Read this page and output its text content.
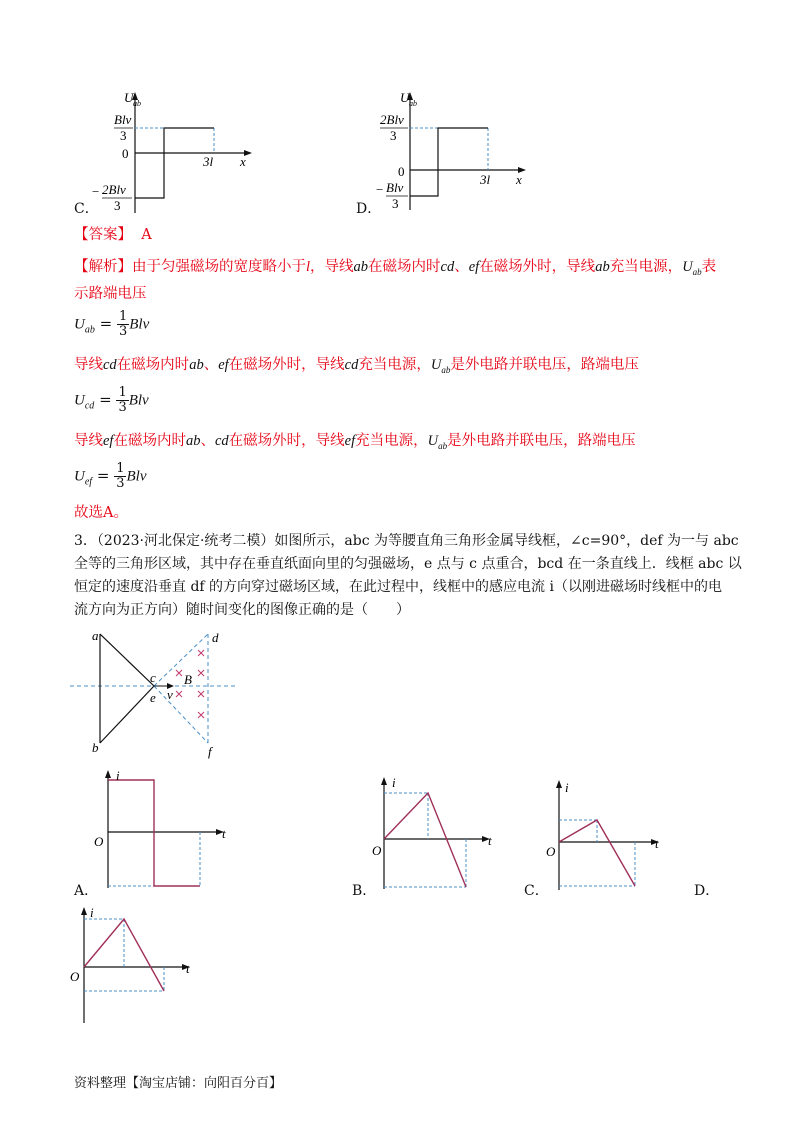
C．
U ab
x
Blv
3
0
3l
− 2Blv
3	D．
U ab
x
2Blv
3
0
3l
− Blv
3
【答案】 A
【解析】由于匀强磁场的宽度略小于l，导线ab在磁场内时cd、ef在磁场外时，导线ab充当电源，$U_{ab}$表
示路端电压
$U_{ab} = \frac{1}{3}$ Blv
导线cd在磁场内时ab、ef在磁场外时，导线cd充当电源，$U_{ab}$是外电路并联电压，路端电压
$U_{cd} = \frac{1}{3}$ Blv
导线ef在磁场内时ab、cd在磁场外时，导线ef充当电源，$U_{ab}$是外电路并联电压，路端电压
$U_{ef} = \frac{1}{3}$ Blv
故选A。
3．（2023·河北保定·统考二模）如图所示，abc 为等腰直角三角形金属导线框，∠c=90°，def 为一与 abc
全等的三角形区域，其中存在垂直纸面向里的匀强磁场，e 点与 c 点重合，bcd 在一条直线上．线框 abc 以
恒定的速度沿垂直 df 的方向穿过磁场区域，在此过程中，线框中的感应电流 i（以刚进磁场时线框中的电
流方向为正方向）随时间变化的图像正确的是（　　）
a
b
c
e
d
f
B
v
A．
i
t
O
B．
i
t
O
C．
i
t
O
D．
i
t
O
资料整理【淘宝店铺：向阳百分百】
